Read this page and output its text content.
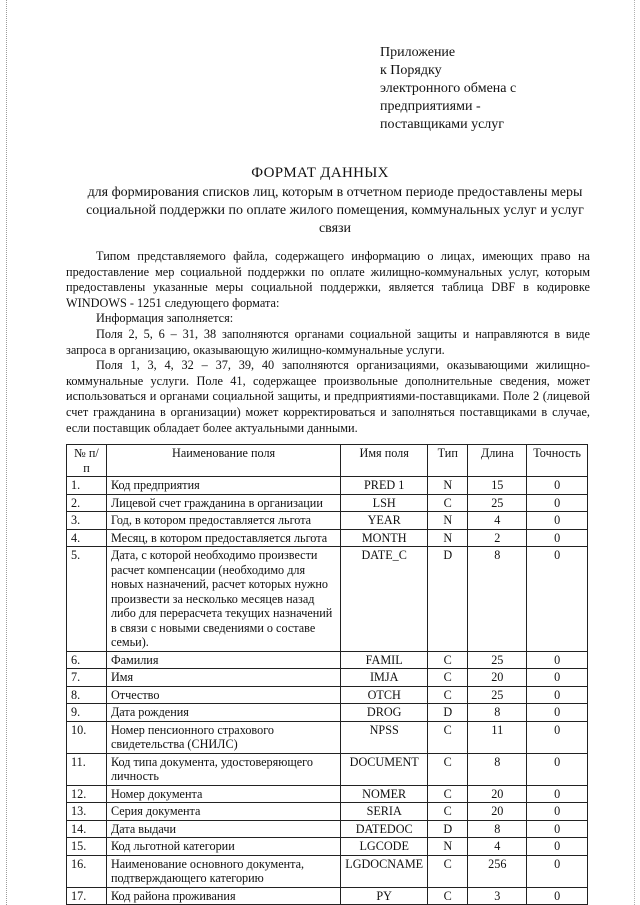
Приложение
к Порядку
электронного обмена с
предприятиями -
поставщиками услуг
ФОРМАТ ДАННЫХ
для формирования списков лиц, которым в отчетном периоде предоставлены меры социальной поддержки по оплате жилого помещения, коммунальных услуг и услуг связи

Типом представляемого файла, содержащего информацию о лицах, имеющих право на предоставление мер социальной поддержки по оплате жилищно-коммунальных услуг, которым предоставлены указанные меры социальной поддержки, является таблица DBF в кодировке WINDOWS - 1251 следующего формата:

Информация заполняется:

Поля 2, 5, 6 – 31, 38 заполняются органами социальной защиты и направляются в виде запроса в организацию, оказывающую жилищно-коммунальные услуги.

Поля 1, 3, 4, 32 – 37, 39, 40 заполняются организациями, оказывающими жилищно-коммунальные услуги. Поле 41, содержащее произвольные дополнительные сведения, может использоваться и органами социальной защиты, и предприятиями-поставщиками. Поле 2 (лицевой счет гражданина в организации) может корректироваться и заполняться поставщиками в случае, если поставщик обладает более актуальными данными.

№ п/п	Наименование поля	Имя поля	Тип	Длина	Точность
1.	Код предприятия	PRED 1	N	15	0
2.	Лицевой счет гражданина в организации	LSH	C	25	0
3.	Год, в котором предоставляется льгота	YEAR	N	4	0
4.	Месяц, в котором предоставляется льгота	MONTH	N	2	0
5.	Дата, с которой необходимо произвести расчет компенсации (необходимо для новых назначений, расчет которых нужно произвести за несколько месяцев назад либо для перерасчета текущих назначений в связи с новыми сведениями о составе семьи).	DATE_C	D	8	0
6.	Фамилия	FAMIL	C	25	0
7.	Имя	IMJA	C	20	0
8.	Отчество	OTCH	C	25	0
9.	Дата рождения	DROG	D	8	0
10.	Номер пенсионного страхового свидетельства (СНИЛС)	NPSS	C	11	0
11.	Код типа документа, удостоверяющего личность	DOCUMENT	C	8	0
12.	Номер документа	NOMER	C	20	0
13.	Серия документа	SERIA	C	20	0
14.	Дата выдачи	DATEDOC	D	8	0
15.	Код льготной категории	LGCODE	N	4	0
16.	Наименование основного документа, подтверждающего категорию	LGDOCNAME	C	256	0
17.	Код района проживания	PY	C	3	0
